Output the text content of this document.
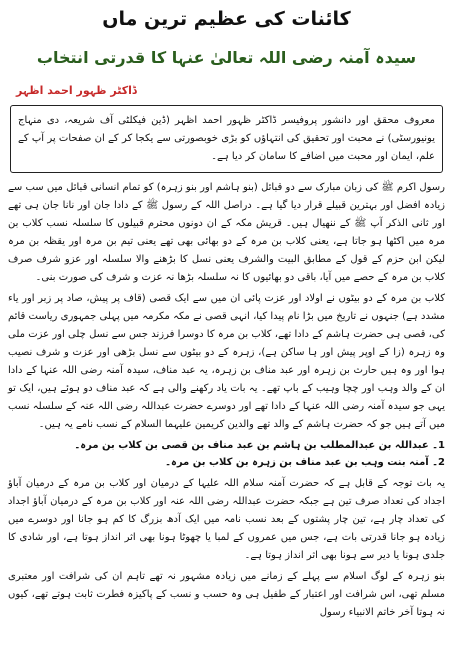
کائنات کی عظیم ترین ماں
سیدہ آمنہ رضی اللہ تعالیٰ عنہا کا قدرتی انتخاب
ڈاکٹر ظہور احمد اظہر
معروف محقق اور دانشور پروفیسر ڈاکٹر ظہور احمد اظہر (ڈین فیکلٹی آف شریعہ، دی منہاج یونیورسٹی) نے محبت اور تحقیق کی انتہاؤں کو بڑی خوبصورتی سے یکجا کر کے ان صفحات پر آپ کے علم، ایمان اور محبت میں اضافے کا سامان کر دیا ہے۔

رسول اکرم ﷺ کی زبان مبارک سے دو قبائل (بنو ہاشم اور بنو زہرہ) کو تمام انسانی قبائل میں سب سے زیادہ افضل اور بہترین قبیلے قرار دیا گیا ہے۔ دراصل اللہ کے رسول ﷺ کے دادا جان اور نانا جان ہی تھے اور ثانی الذکر آپ ﷺ کے ننھیال ہیں۔ قریش مکہ کے ان دونوں محترم قبیلوں کا سلسلہ نسب کلاب بن مرہ میں اکٹھا ہو جاتا ہے، یعنی کلاب بن مرہ کے دو بھائی بھی تھے یعنی تیم بن مرہ اور یقظہ بن مرہ لیکن ابن حزم کے قول کے مطابق البیت والشرف یعنی نسل کا بڑھنے والا سلسلہ اور عزو شرف صرف کلاب بن مرہ کے حصے میں آیا، باقی دو بھائیوں کا نہ سلسلہ بڑھا نہ عزت و شرف کی صورت بنی۔

کلاب بن مرہ کے دو بیٹوں نے اولاد اور عزت پائی ان میں سے ایک قصی (قاف پر پیش، صاد پر زبر اور یاء مشدد ہے) جنہوں نے تاریخ میں بڑا نام پیدا کیا، انہی قصی نے مکہ مکرمہ میں پہلی جمہوری ریاست قائم کی، قصی ہی حضرت ہاشم کے دادا تھے، کلاب بن مرہ کا دوسرا فرزند جس سے نسل چلی اور عزت ملی وہ زہرہ (زا کے اوپر پیش اور ہا ساکن ہے)، زہرہ کے دو بیٹوں سے نسل بڑھی اور عزت و شرف نصیب ہوا اور وہ ہیں حارث بن زہرہ اور عبد مناف بن زہرہ، یہ عبد مناف، سیدہ آمنہ رضی اللہ عنہا کے دادا ان کے والد وہب اور چچا وہیب کے باپ تھے۔ یہ بات یاد رکھنے والی ہے کہ عبد مناف دو ہوئے ہیں، ایک تو یہی جو سیدہ آمنہ رضی اللہ عنہا کے دادا تھے اور دوسرے حضرت عبداللہ رضی اللہ عنہ کے سلسلہ نسب میں آتے ہیں جو کہ حضرت ہاشم کے والد تھے والدین کریمین علیہما السلام کے نسب نامے یہ ہیں۔

1۔ عبداللہ بن عبدالمطلب بن ہاشم بن عبد مناف بن قصی بن کلاب بن مرہ۔
2۔ آمنہ بنت وہب بن عبد مناف بن زہرہ بن کلاب بن مرہ۔

یہ بات توجہ کے قابل ہے کہ حضرت آمنہ سلام اللہ علیہا کے درمیان اور کلاب بن مرہ کے درمیان آباؤ اجداد کی تعداد صرف تین ہے جبکہ حضرت عبداللہ رضی اللہ عنہ اور کلاب بن مرہ کے درمیان آباؤ اجداد کی تعداد چار ہے، تین چار پشتوں کے بعد نسب نامہ میں ایک آدھ بزرگ کا کم ہو جانا اور دوسرے میں زیادہ ہو جانا قدرتی بات ہے، جس میں عمروں کے لمبا یا چھوٹا ہونا بھی اثر انداز ہوتا ہے، اور شادی کا جلدی ہونا یا دیر سے ہونا بھی اثر انداز ہوتا ہے۔

بنو زہرہ کے لوگ اسلام سے پہلے کے زمانے میں زیادہ مشہور نہ تھے تاہم ان کی شرافت اور معتبری مسلم تھی، اس شرافت اور اعتبار کے طفیل ہی وہ حسب و نسب کے پاکیزہ فطرت ثابت ہوتے تھے، کیوں نہ ہوتا آخر خاتم الانبیاء رسول
